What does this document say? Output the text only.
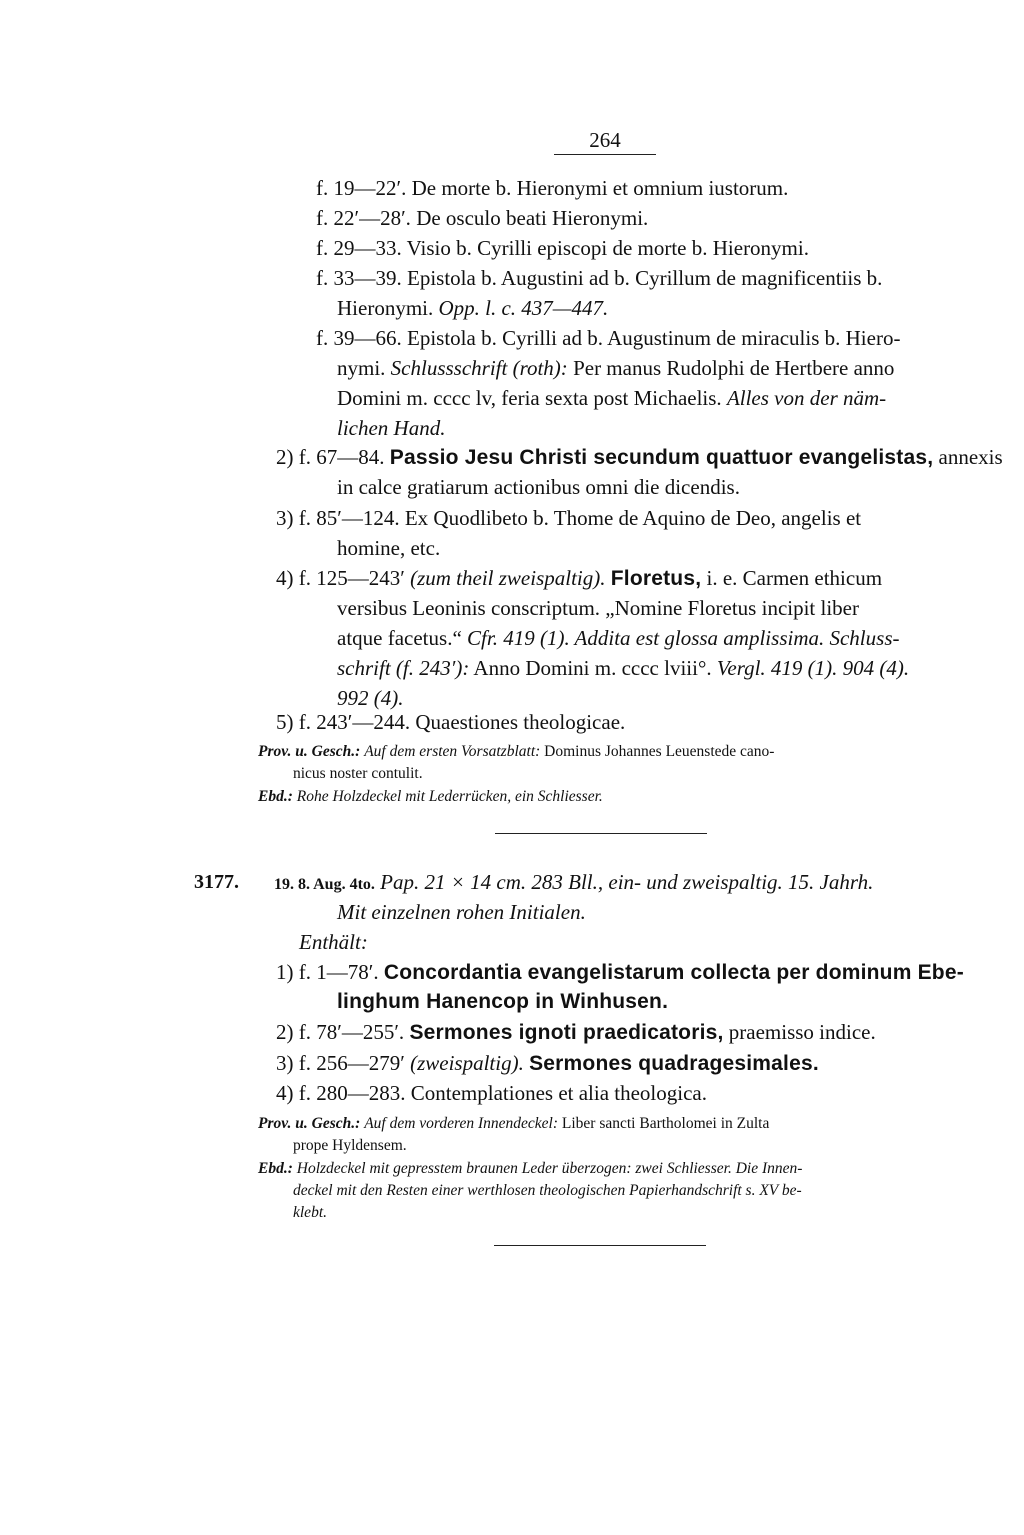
264
f. 19—22′. De morte b. Hieronymi et omnium iustorum.
f. 22′—28′. De osculo beati Hieronymi.
f. 29—33. Visio b. Cyrilli episcopi de morte b. Hieronymi.
f. 33—39. Epistola b. Augustini ad b. Cyrillum de magnificentiis b.
Hieronymi. Opp. l. c. 437—447.
f. 39—66. Epistola b. Cyrilli ad b. Augustinum de miraculis b. Hiero-
nymi. Schlussschrift (roth): Per manus Rudolphi de Hertbere anno
Domini m. cccc lv, feria sexta post Michaelis. Alles von der näm-
lichen Hand.
2) f. 67—84. Passio Jesu Christi secundum quattuor evangelistas, annexis
in calce gratiarum actionibus omni die dicendis.
3) f. 85′—124. Ex Quodlibeto b. Thome de Aquino de Deo, angelis et
homine, etc.
4) f. 125—243′ (zum theil zweispaltig). Floretus, i. e. Carmen ethicum
versibus Leoninis conscriptum. „Nomine Floretus incipit liber
atque facetus.“ Cfr. 419 (1). Addita est glossa amplissima. Schluss-
schrift (f. 243′): Anno Domini m. cccc lviii°. Vergl. 419 (1). 904 (4).
992 (4).
5) f. 243′—244. Quaestiones theologicae.
Prov. u. Gesch.: Auf dem ersten Vorsatzblatt: Dominus Johannes Leuenstede cano-
nicus noster contulit.
Ebd.: Rohe Holzdeckel mit Lederrücken, ein Schliesser.
3177. 19. 8. Aug. 4to. Pap. 21 × 14 cm. 283 Bll., ein- und zweispaltig. 15. Jahrh.
Mit einzelnen rohen Initialen.
Enthält:
1) f. 1—78′. Concordantia evangelistarum collecta per dominum Ebe-
linghum Hanencop in Winhusen.
2) f. 78′—255′. Sermones ignoti praedicatoris, praemisso indice.
3) f. 256—279′ (zweispaltig). Sermones quadragesimales.
4) f. 280—283. Contemplationes et alia theologica.
Prov. u. Gesch.: Auf dem vorderen Innendeckel: Liber sancti Bartholomei in Zulta
prope Hyldensem.
Ebd.: Holzdeckel mit gepresstem braunen Leder überzogen: zwei Schliesser. Die Innen-
deckel mit den Resten einer werthlosen theologischen Papierhandschrift s. XV be-
klebt.
